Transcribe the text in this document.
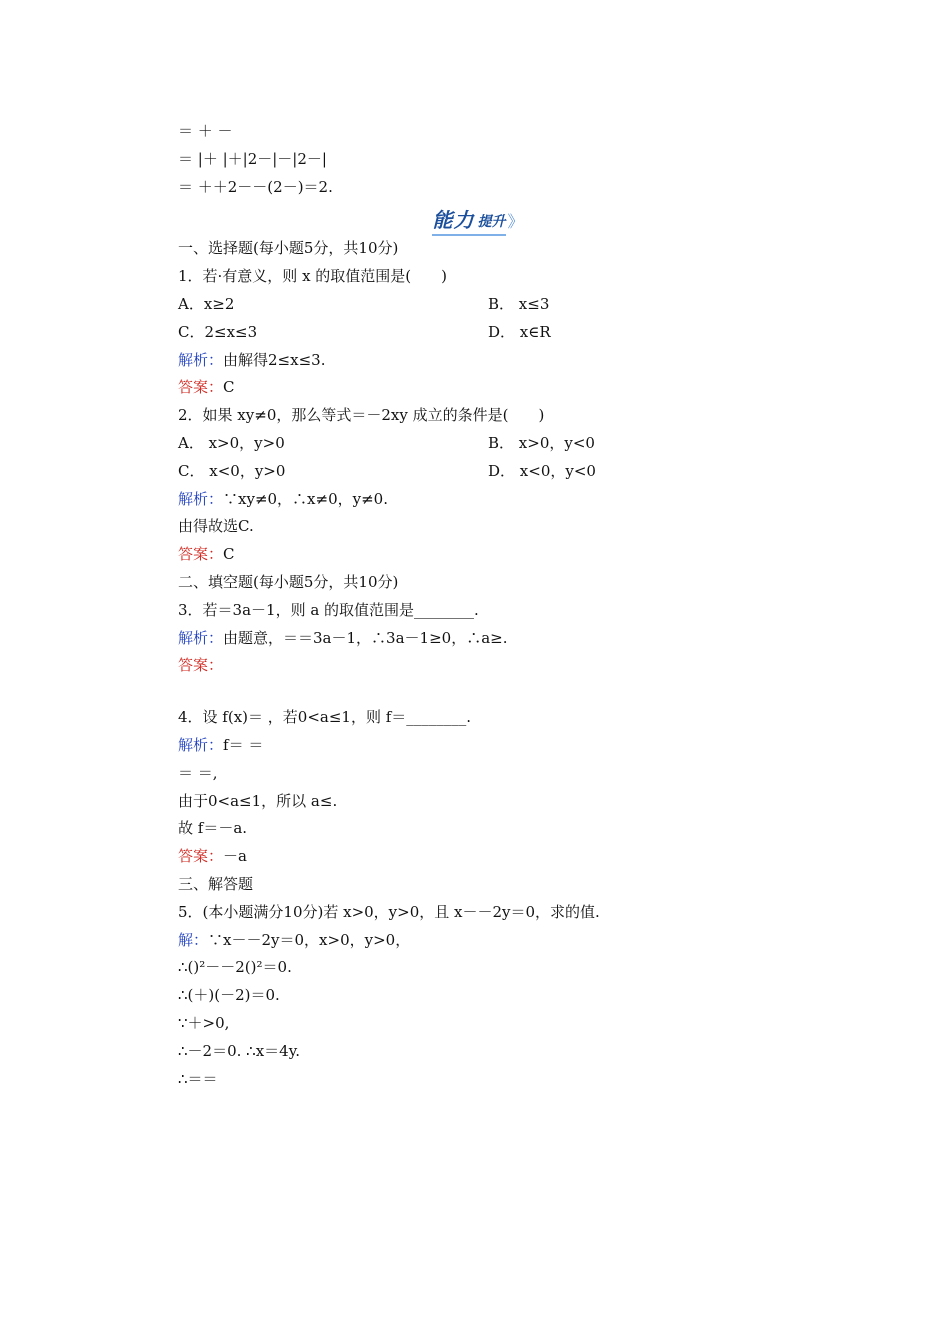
＝ ＋ －
＝ |＋ |＋|2－|－|2－|
＝ ＋＋2－－(2－)＝2.
能力 提升 》
一、选择题(每小题5分，共10分)
1．若·有意义，则 x 的取值范围是(　　)
A．x≥2	B． x≤3
C．2≤x≤3	D． x∈R
解析：由解得2≤x≤3.
答案：C
2．如果 xy≠0，那么等式＝－2xy 成立的条件是(　　)
A． x>0，y>0	B． x>0，y<0
C． x<0，y>0	D． x<0，y<0
解析：∵xy≠0，∴x≠0，y≠0.
由得故选C.
答案：C
二、填空题(每小题5分，共10分)
3．若＝3a－1，则 a 的取值范围是________.
解析：由题意，＝＝3a－1，∴3a－1≥0，∴a≥.
答案：
4．设 f(x)＝ ，若0<a≤1，则 f＝________.
解析：f＝ ＝
＝ ＝,
由于0<a≤1，所以 a≤.
故 f＝－a.
答案：－a
三、解答题
5．(本小题满分10分)若 x>0，y>0，且 x－－2y＝0，求的值.
解：∵x－－2y＝0，x>0，y>0，
∴()²－－2()²＝0.
∴(＋)(－2)＝0.
∵＋>0,
∴－2＝0. ∴x＝4y.
∴＝＝
